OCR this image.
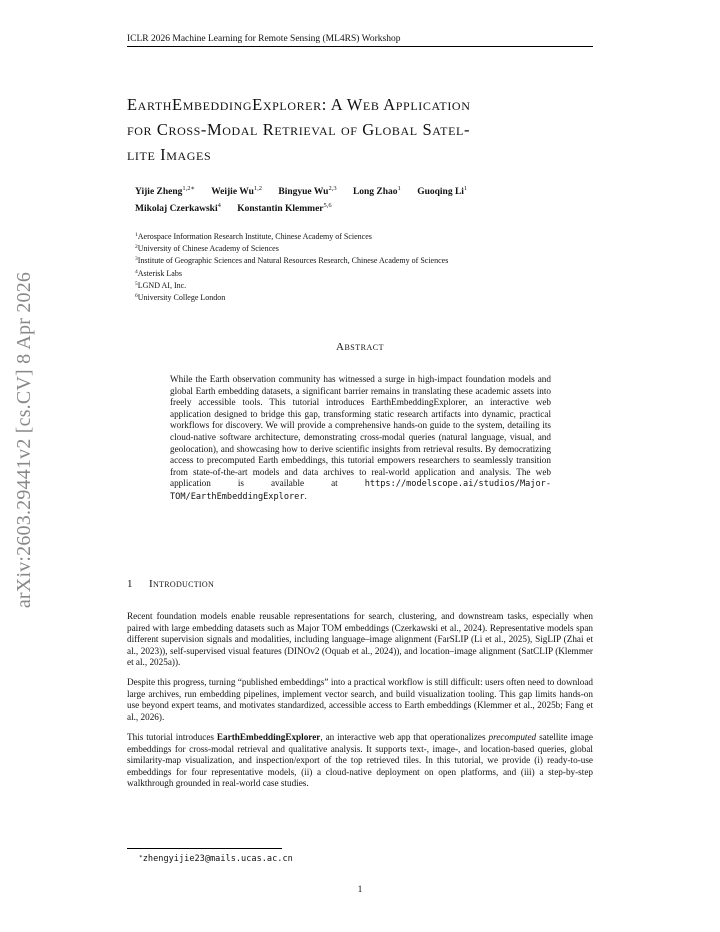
ICLR 2026 Machine Learning for Remote Sensing (ML4RS) Workshop
arXiv:2603.29441v2 [cs.CV] 8 Apr 2026
EarthEmbeddingExplorer: A Web Application
for Cross-Modal Retrieval of Global Satel-
lite Images
Yijie Zheng$^{1,2∗}$ Weijie Wu$^{1,2}$ Bingyue Wu$^{2,3}$ Long Zhao$^1$ Guoqing Li$^1$
Mikolaj Czerkawski$^4$ Konstantin Klemmer$^{5,6}$
$^1$Aerospace Information Research Institute, Chinese Academy of Sciences
$^2$University of Chinese Academy of Sciences
$^3$Institute of Geographic Sciences and Natural Resources Research, Chinese Academy of Sciences
$^4$Asterisk Labs
$^5$LGND AI, Inc.
$^6$University College London
Abstract
While the Earth observation community has witnessed a surge in high-impact foundation models and global Earth embedding datasets, a significant barrier remains in translating these academic assets into freely accessible tools. This tutorial introduces EarthEmbeddingExplorer, an interactive web application designed to bridge this gap, transforming static research artifacts into dynamic, practical workflows for discovery. We will provide a comprehensive hands-on guide to the system, detailing its cloud-native software architecture, demonstrating cross-modal queries (natural language, visual, and geolocation), and showcasing how to derive scientific insights from retrieval results. By democratizing access to precomputed Earth embeddings, this tutorial empowers researchers to seamlessly transition from state-of-the-art models and data archives to real-world application and analysis. The web application is available at	https://modelscope.ai/studios/Major-TOM/EarthEmbeddingExplorer.
1 Introduction
Recent foundation models enable reusable representations for search, clustering, and downstream tasks, especially when paired with large embedding datasets such as Major TOM embeddings (Czerkawski et al., 2024). Representative models span different supervision signals and modalities, including language–image alignment (FarSLIP (Li et al., 2025), SigLIP (Zhai et al., 2023)), self-supervised visual features (DINOv2 (Oquab et al., 2024)), and location–image alignment (SatCLIP (Klemmer et al., 2025a)).
Despite this progress, turning “published embeddings” into a practical workflow is still difficult: users often need to download large archives, run embedding pipelines, implement vector search, and build visualization tooling. This gap limits hands-on use beyond expert teams, and motivates standardized, accessible access to Earth embeddings (Klemmer et al., 2025b; Fang et al., 2026).
This tutorial introduces EarthEmbeddingExplorer, an interactive web app that operationalizes precomputed satellite image embeddings for cross-modal retrieval and qualitative analysis. It supports text-, image-, and location-based queries, global similarity-map visualization, and inspection/export of the top retrieved tiles. In this tutorial, we provide (i) ready-to-use embeddings for four representative models, (ii) a cloud-native deployment on open platforms, and (iii) a step-by-step walkthrough grounded in real-world case studies.
∗zhengyijie23@mails.ucas.ac.cn
1
